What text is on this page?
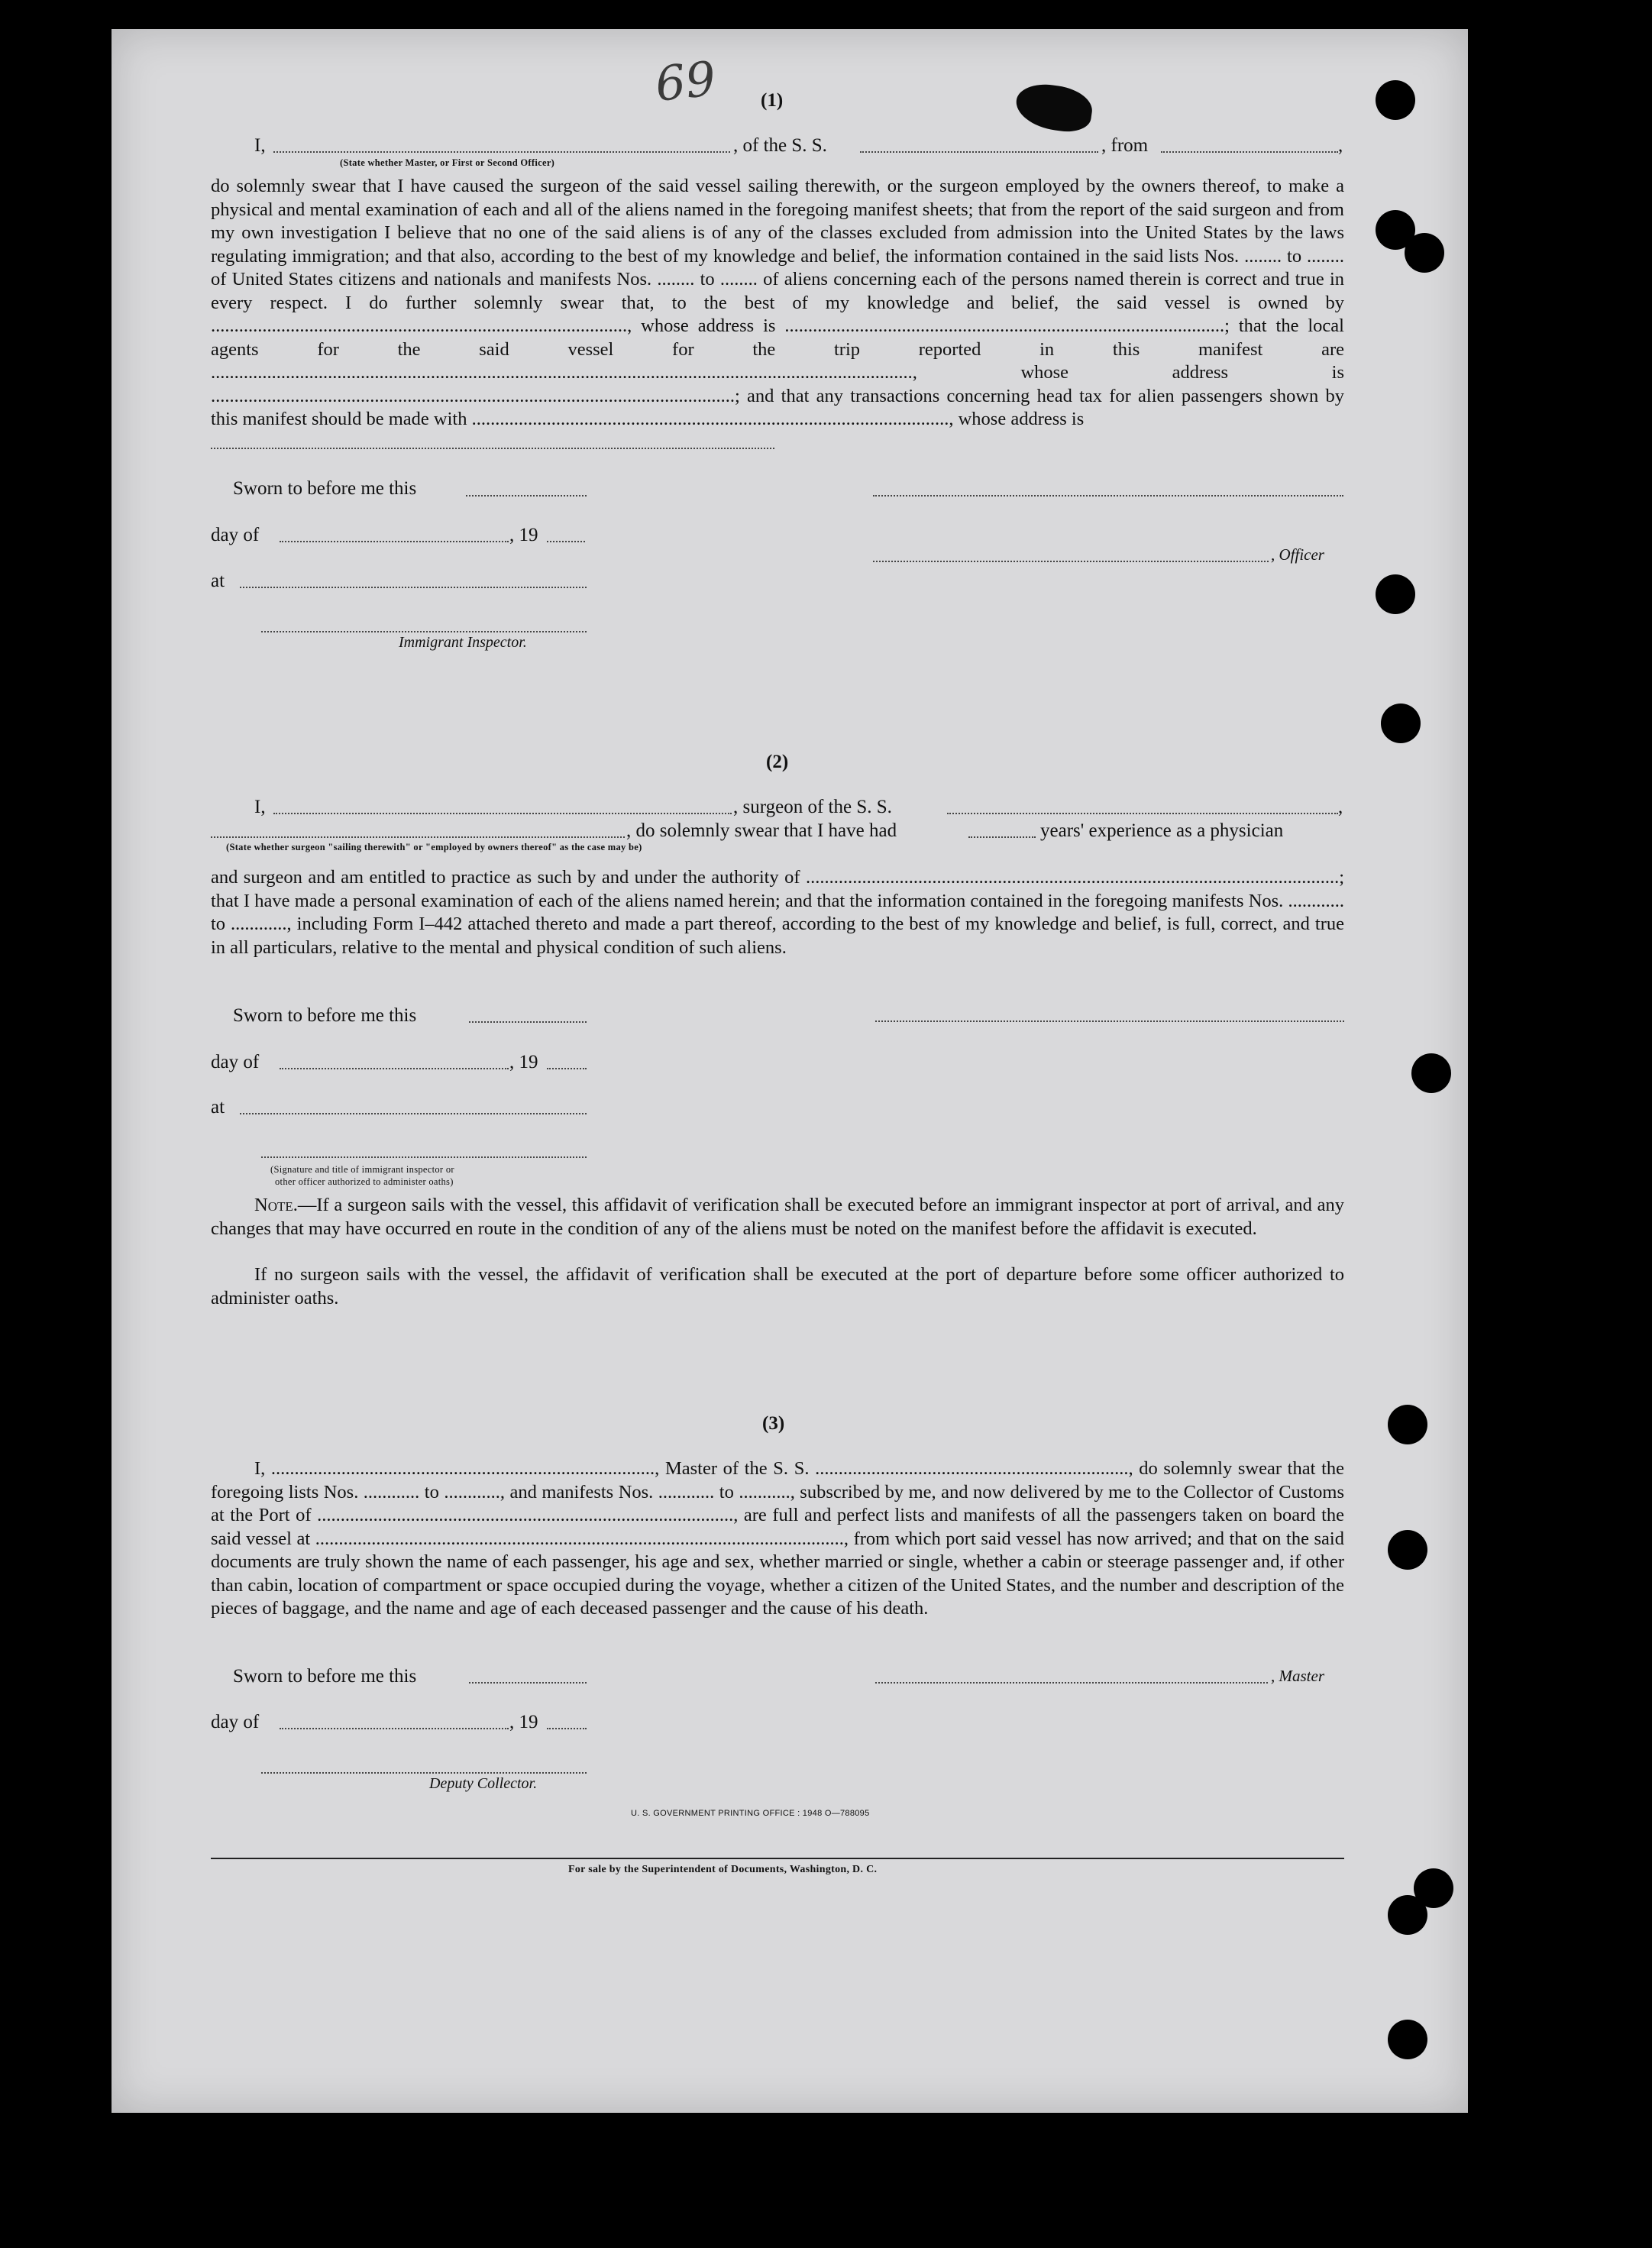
69 (1)
I,	, of the S. S.	, from	,
(State whether Master, or First or Second Officer)
do solemnly swear that I have caused the surgeon of the said vessel sailing therewith, or the surgeon employed by the owners thereof, to make a physical and mental examination of each and all of the aliens named in the foregoing manifest sheets; that from the report of the said surgeon and from my own investigation I believe that no one of the said aliens is of any of the classes excluded from admission into the United States by the laws regulating immigration; and that also, according to the best of my knowledge and belief, the information contained in the said lists Nos. ........ to ........ of United States citizens and nationals and manifests Nos. ........ to ........ of aliens concerning each of the persons named therein is correct and true in every respect. I do further solemnly swear that, to the best of my knowledge and belief, the said vessel is owned by ........................................................................................., whose address is ..............................................................................................; that the local agents for the said vessel for the trip reported in this manifest are ......................................................................................................................................................, whose address is ................................................................................................................; and that any transactions concerning head tax for alien passengers shown by this manifest should be made with ......................................................................................................, whose address is
Sworn to before me this
day of	, 19
, Officer
at
Immigrant Inspector.
(2)
I,	, surgeon of the S. S.	,
, do solemnly swear that I have had	years' experience as a physician
(State whether surgeon "sailing therewith" or "employed by owners thereof" as the case may be)
and surgeon and am entitled to practice as such by and under the authority of ..................................................................................................................; that I have made a personal examination of each of the aliens named herein; and that the information contained in the foregoing manifests Nos. ............ to ............, including Form I–442 attached thereto and made a part thereof, according to the best of my knowledge and belief, is full, correct, and true in all particulars, relative to the mental and physical condition of such aliens.
Sworn to before me this
day of	, 19
at
(Signature and title of immigrant inspector or
other officer authorized to administer oaths)
Note.—If a surgeon sails with the vessel, this affidavit of verification shall be executed before an immigrant inspector at port of arrival, and any changes that may have occurred en route in the condition of any of the aliens must be noted on the manifest before the affidavit is executed.
If no surgeon sails with the vessel, the affidavit of verification shall be executed at the port of departure before some officer authorized to administer oaths.
(3)
I, .................................................................................., Master of the S. S. ..................................................................., do solemnly swear that the foregoing lists Nos. ............ to ............, and manifests Nos. ............ to ..........., subscribed by me, and now delivered by me to the Collector of Customs at the Port of ........................................................................................., are full and perfect lists and manifests of all the passengers taken on board the said vessel at ................................................................................................................., from which port said vessel has now arrived; and that on the said documents are truly shown the name of each passenger, his age and sex, whether married or single, whether a cabin or steerage passenger and, if other than cabin, location of compartment or space occupied during the voyage, whether a citizen of the United States, and the number and description of the pieces of baggage, and the name and age of each deceased passenger and the cause of his death.
Sworn to before me this	, Master
day of	, 19
Deputy Collector.
U. S. GOVERNMENT PRINTING OFFICE : 1948 O—788095
For sale by the Superintendent of Documents, Washington, D. C.
